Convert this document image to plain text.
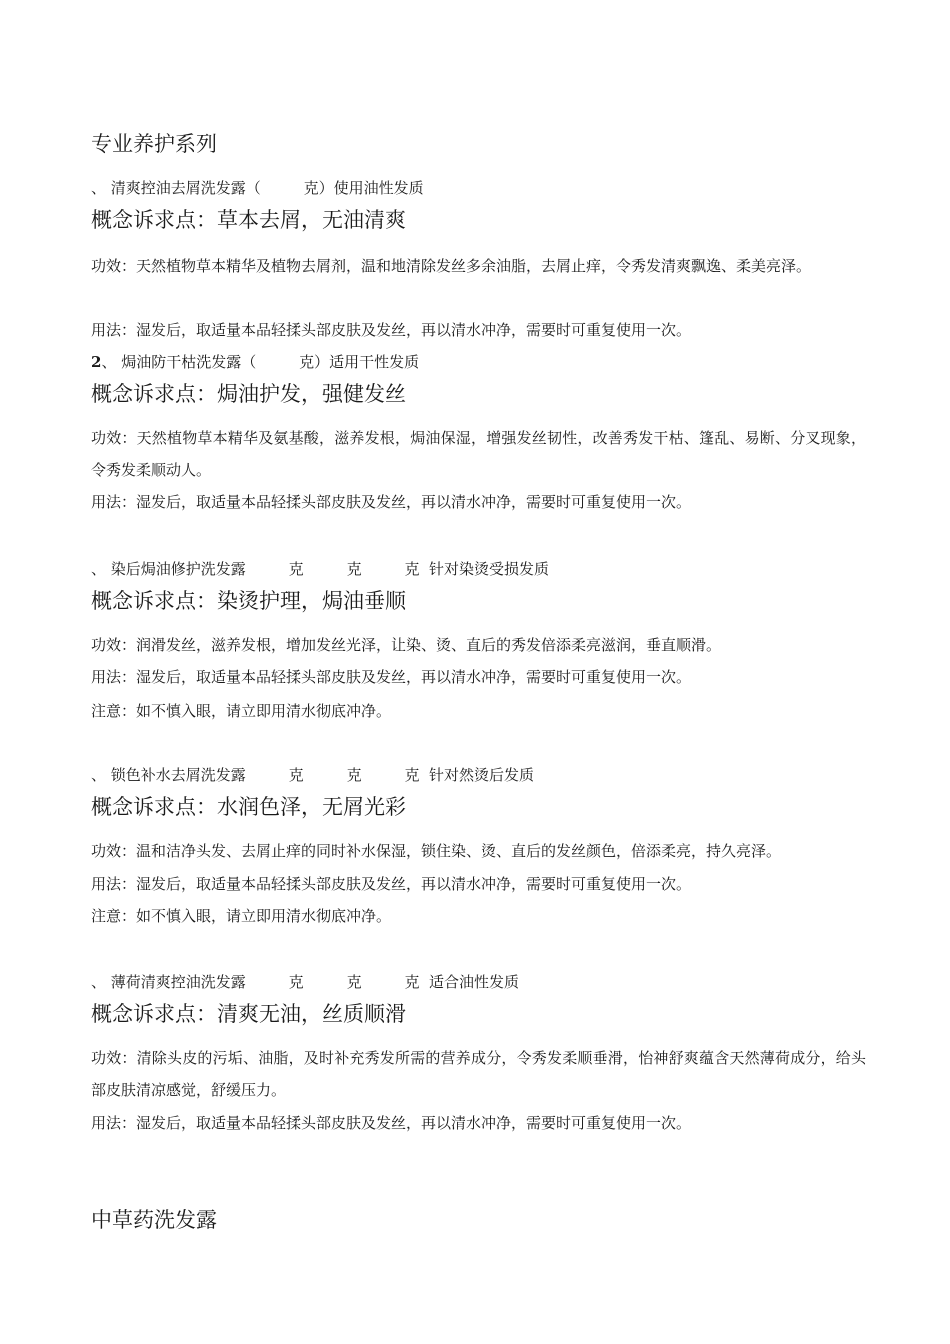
专业养护系列
、 清爽控油去屑洗发露（         克）使用油性发质
概念诉求点：草本去屑，无油清爽
功效：天然植物草本精华及植物去屑剂，温和地清除发丝多余油脂，去屑止痒，令秀发清爽飘逸、柔美亮泽。
用法：湿发后，取适量本品轻揉头部皮肤及发丝，再以清水冲净，需要时可重复使用一次。
2、 焗油防干枯洗发露（         克）适用干性发质
概念诉求点：焗油护发，强健发丝
功效：天然植物草本精华及氨基酸，滋养发根，焗油保湿，增强发丝韧性，改善秀发干枯、篷乱、易断、分叉现象，令秀发柔顺动人。
用法：湿发后，取适量本品轻揉头部皮肤及发丝，再以清水冲净，需要时可重复使用一次。
、 染后焗油修护洗发露         克         克         克  针对染烫受损发质
概念诉求点：染烫护理，焗油垂顺
功效：润滑发丝，滋养发根，增加发丝光泽，让染、烫、直后的秀发倍添柔亮滋润，垂直顺滑。
用法：湿发后，取适量本品轻揉头部皮肤及发丝，再以清水冲净，需要时可重复使用一次。
注意：如不慎入眼，请立即用清水彻底冲净。
、 锁色补水去屑洗发露         克         克         克  针对然烫后发质
概念诉求点：水润色泽，无屑光彩
功效：温和洁净头发、去屑止痒的同时补水保湿，锁住染、烫、直后的发丝颜色，倍添柔亮，持久亮泽。
用法：湿发后，取适量本品轻揉头部皮肤及发丝，再以清水冲净，需要时可重复使用一次。
注意：如不慎入眼，请立即用清水彻底冲净。
、 薄荷清爽控油洗发露         克         克         克  适合油性发质
概念诉求点：清爽无油，丝质顺滑
功效：清除头皮的污垢、油脂，及时补充秀发所需的营养成分，令秀发柔顺垂滑，怡神舒爽蕴含天然薄荷成分，给头部皮肤清凉感觉，舒缓压力。
用法：湿发后，取适量本品轻揉头部皮肤及发丝，再以清水冲净，需要时可重复使用一次。
中草药洗发露
